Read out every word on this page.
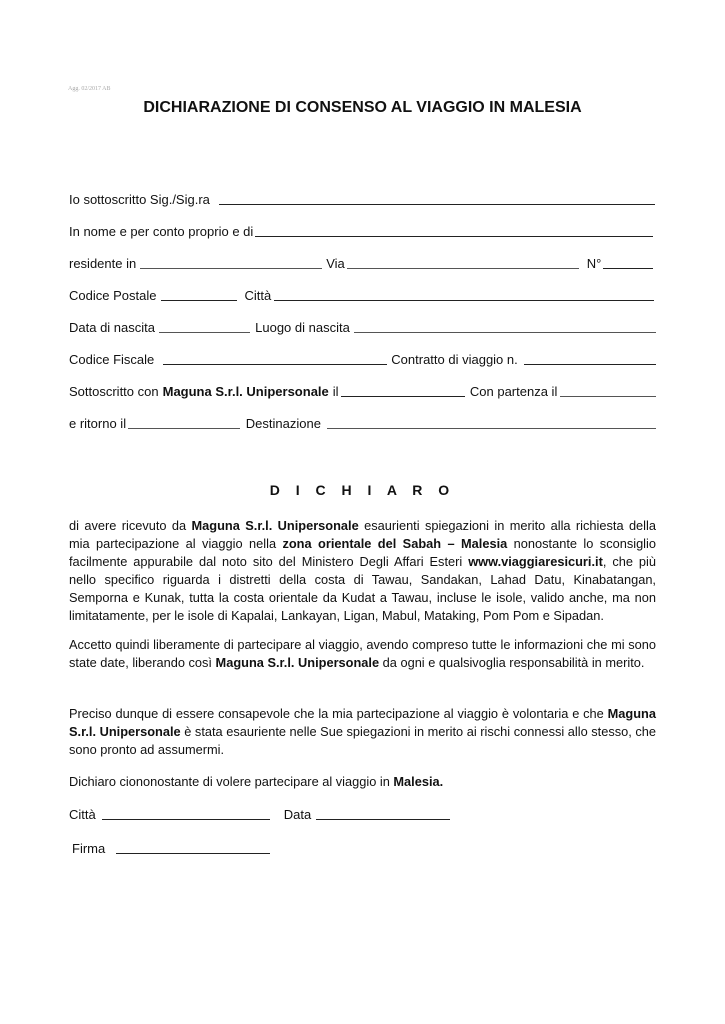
Agg. 02/2017 AB
DICHIARAZIONE DI CONSENSO AL VIAGGIO IN MALESIA
Io sottoscritto Sig./Sig.ra
In nome e per conto proprio e di
residente in	Via	N°
Codice Postale	Città
Data di nascita	Luogo di nascita
Codice Fiscale	Contratto di viaggio n.
Sottoscritto con Maguna S.r.l. Unipersonale il	Con partenza il
e ritorno il	Destinazione
D I C H I A R O
di avere ricevuto da Maguna S.r.l. Unipersonale esaurienti spiegazioni in merito alla richiesta della mia partecipazione al viaggio nella zona orientale del Sabah – Malesia nonostante lo sconsiglio facilmente appurabile dal noto sito del Ministero Degli Affari Esteri www.viaggiaresicuri.it, che più nello specifico riguarda i distretti della costa di Tawau, Sandakan, Lahad Datu, Kinabatangan, Semporna e Kunak, tutta la costa orientale da Kudat a Tawau, incluse le isole, valido anche, ma non limitatamente, per le isole di Kapalai, Lankayan, Ligan, Mabul, Mataking, Pom Pom e Sipadan.
Accetto quindi liberamente di partecipare al viaggio, avendo compreso tutte le informazioni che mi sono state date, liberando così Maguna S.r.l. Unipersonale da ogni e qualsivoglia responsabilità in merito.
Preciso dunque di essere consapevole che la mia partecipazione al viaggio è volontaria e che Maguna S.r.l. Unipersonale è stata esauriente nelle Sue spiegazioni in merito ai rischi connessi allo stesso, che sono pronto ad assumermi.
Dichiaro ciononostante di volere partecipare al viaggio in Malesia.
Città	Data
Firma
